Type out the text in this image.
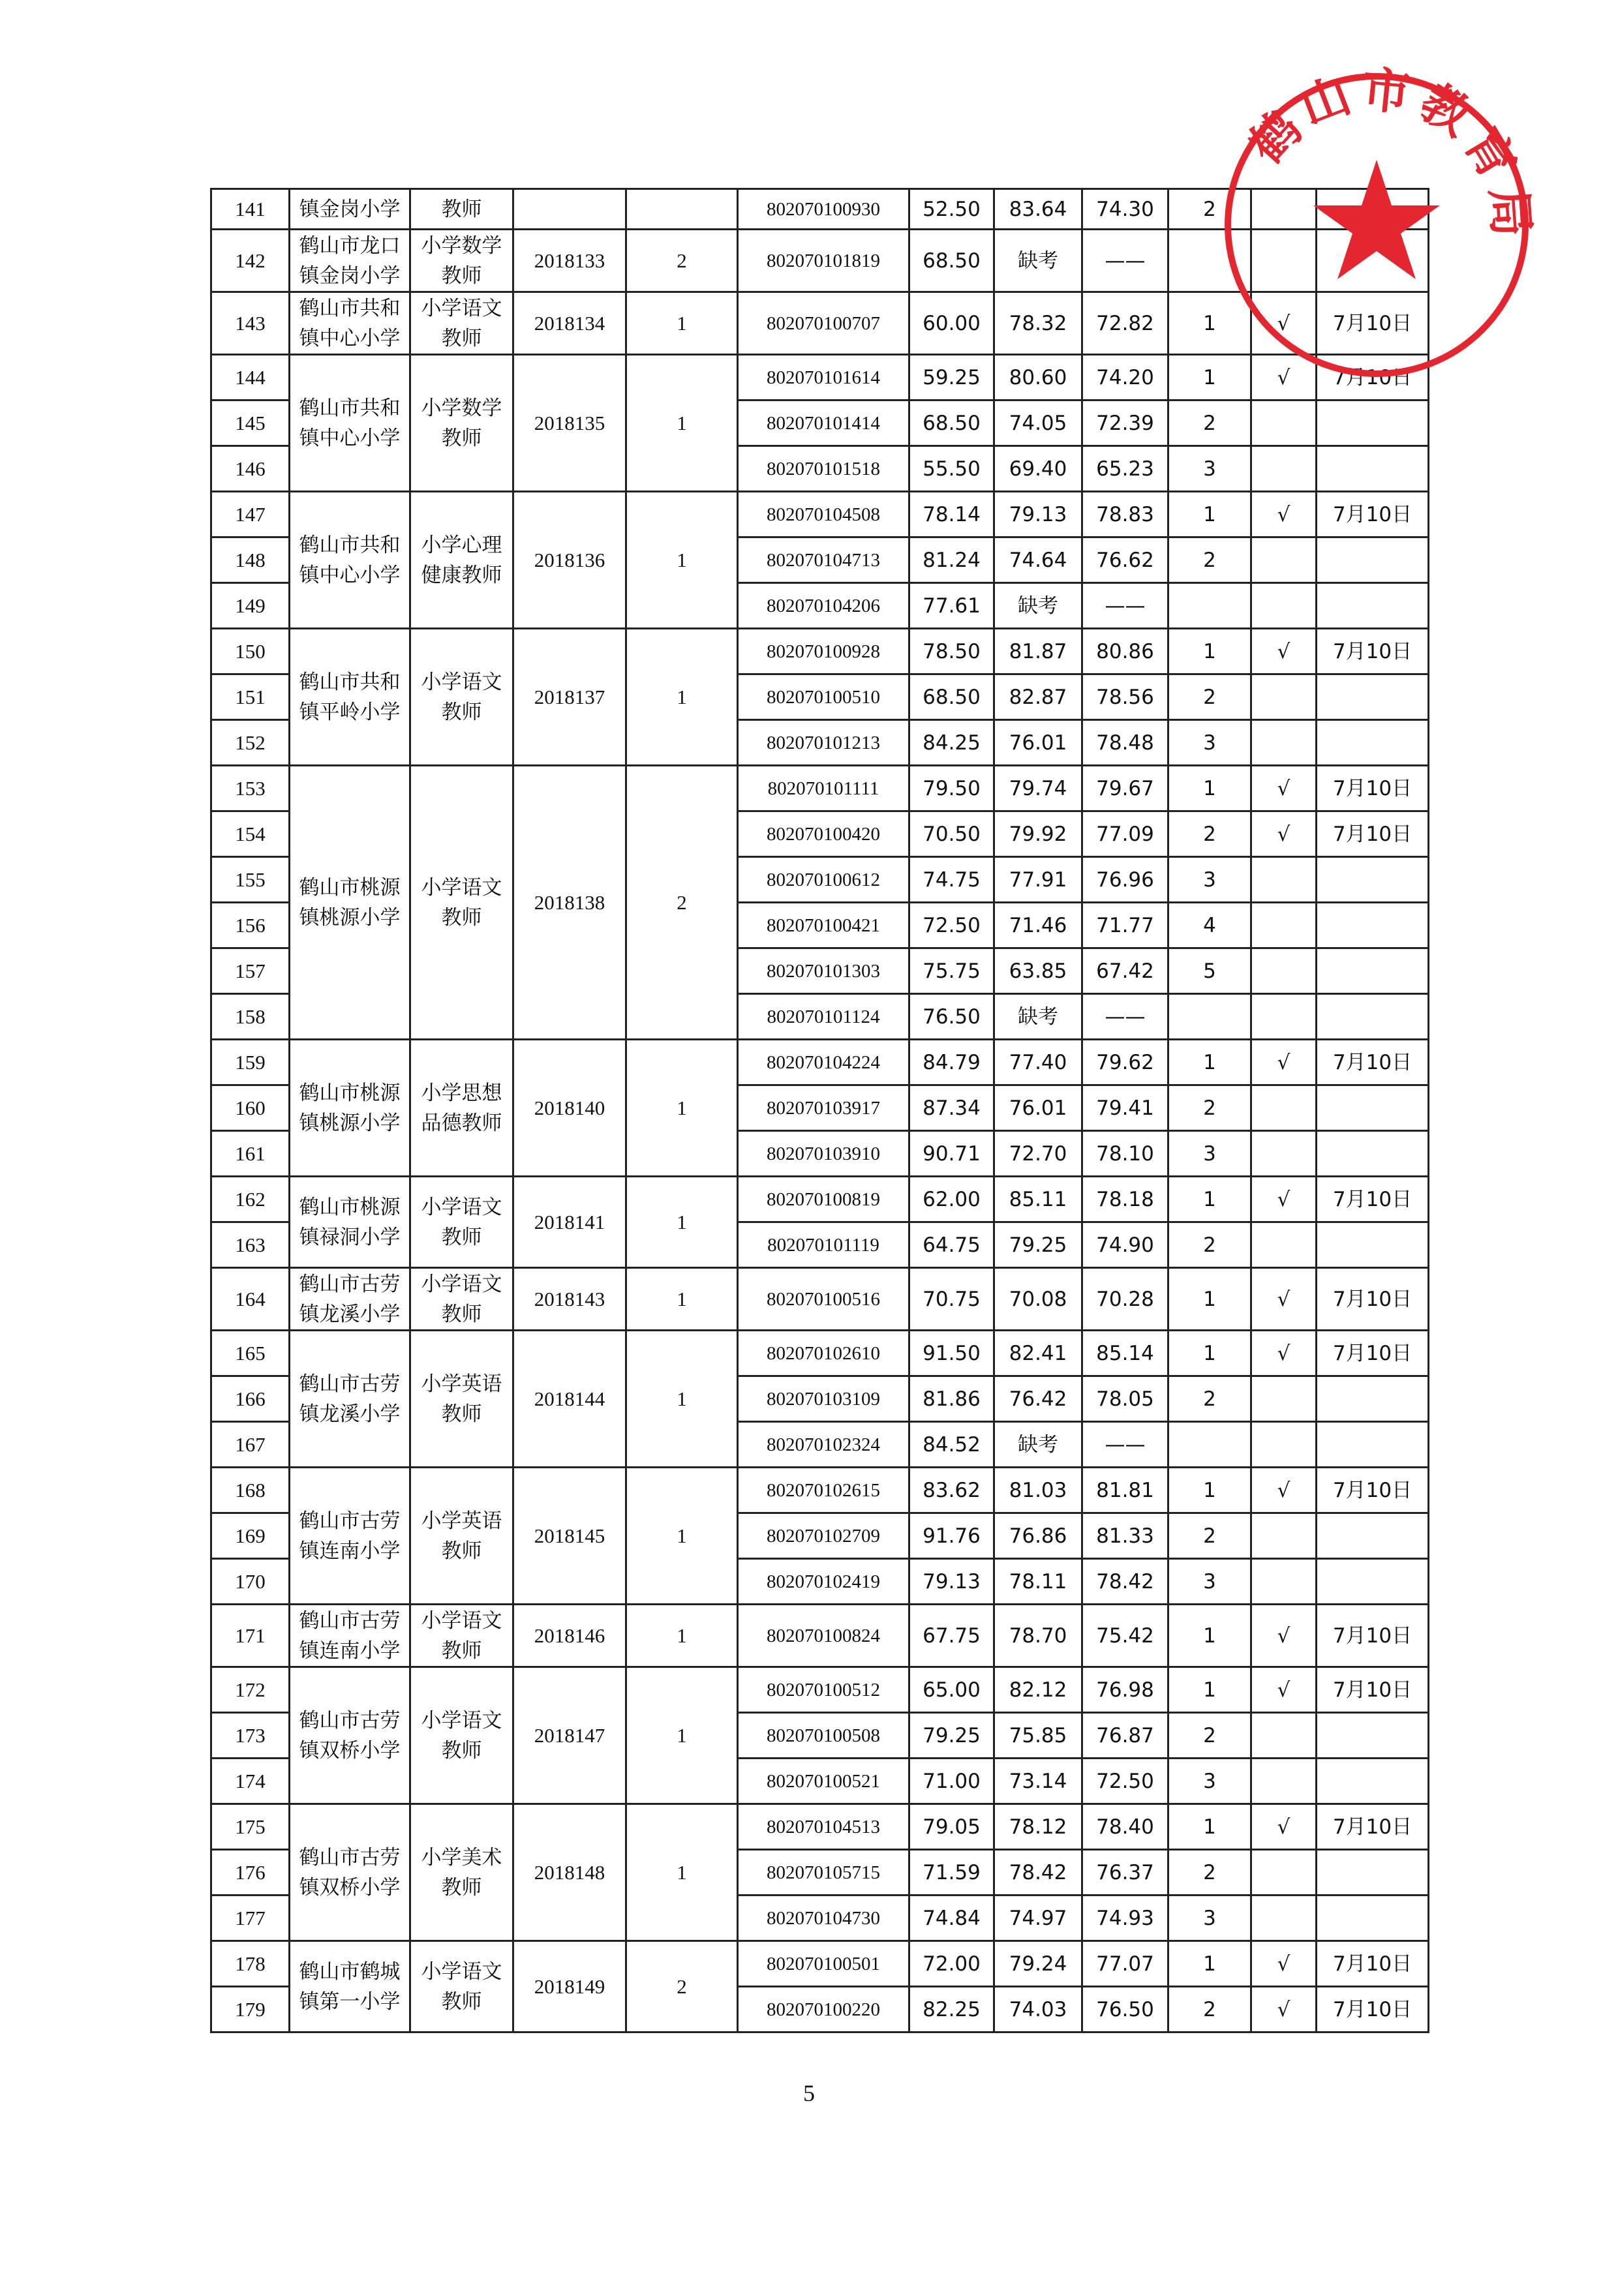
141	镇金岗小学	教师			802070100930	52.50	83.64	74.30	2		
142	鹤山市龙口镇金岗小学	小学数学教师	2018133	2	802070101819	68.50	缺考	——			
143	鹤山市共和镇中心小学	小学语文教师	2018134	1	802070100707	60.00	78.32	72.82	1	√	7月10日
144	鹤山市共和镇中心小学	小学数学教师	2018135	1	802070101614	59.25	80.60	74.20	1	√	7月10日
145					802070101414	68.50	74.05	72.39	2		
146					802070101518	55.50	69.40	65.23	3		
147	鹤山市共和镇中心小学	小学心理健康教师	2018136	1	802070104508	78.14	79.13	78.83	1	√	7月10日
148					802070104713	81.24	74.64	76.62	2		
149					802070104206	77.61	缺考	——			
150	鹤山市共和镇平岭小学	小学语文教师	2018137	1	802070100928	78.50	81.87	80.86	1	√	7月10日
151					802070100510	68.50	82.87	78.56	2		
152					802070101213	84.25	76.01	78.48	3		
153	鹤山市桃源镇桃源小学	小学语文教师	2018138	2	802070101111	79.50	79.74	79.67	1	√	7月10日
154					802070100420	70.50	79.92	77.09	2	√	7月10日
155					802070100612	74.75	77.91	76.96	3		
156					802070100421	72.50	71.46	71.77	4		
157					802070101303	75.75	63.85	67.42	5		
158					802070101124	76.50	缺考	——			
159	鹤山市桃源镇桃源小学	小学思想品德教师	2018140	1	802070104224	84.79	77.40	79.62	1	√	7月10日
160					802070103917	87.34	76.01	79.41	2		
161					802070103910	90.71	72.70	78.10	3		
162	鹤山市桃源镇禄洞小学	小学语文教师	2018141	1	802070100819	62.00	85.11	78.18	1	√	7月10日
163					802070101119	64.75	79.25	74.90	2		
164	鹤山市古劳镇龙溪小学	小学语文教师	2018143	1	802070100516	70.75	70.08	70.28	1	√	7月10日
165	鹤山市古劳镇龙溪小学	小学英语教师	2018144	1	802070102610	91.50	82.41	85.14	1	√	7月10日
166					802070103109	81.86	76.42	78.05	2		
167					802070102324	84.52	缺考	——			
168	鹤山市古劳镇连南小学	小学英语教师	2018145	1	802070102615	83.62	81.03	81.81	1	√	7月10日
169					802070102709	91.76	76.86	81.33	2		
170					802070102419	79.13	78.11	78.42	3		
171	鹤山市古劳镇连南小学	小学语文教师	2018146	1	802070100824	67.75	78.70	75.42	1	√	7月10日
172	鹤山市古劳镇双桥小学	小学语文教师	2018147	1	802070100512	65.00	82.12	76.98	1	√	7月10日
173					802070100508	79.25	75.85	76.87	2		
174					802070100521	71.00	73.14	72.50	3		
175	鹤山市古劳镇双桥小学	小学美术教师	2018148	1	802070104513	79.05	78.12	78.40	1	√	7月10日
176					802070105715	71.59	78.42	76.37	2		
177					802070104730	74.84	74.97	74.93	3		
178	鹤山市鹤城镇第一小学	小学语文教师	2018149	2	802070100501	72.00	79.24	77.07	1	√	7月10日
179					802070100220	82.25	74.03	76.50	2	√	7月10日
鹤山市教育局
5
